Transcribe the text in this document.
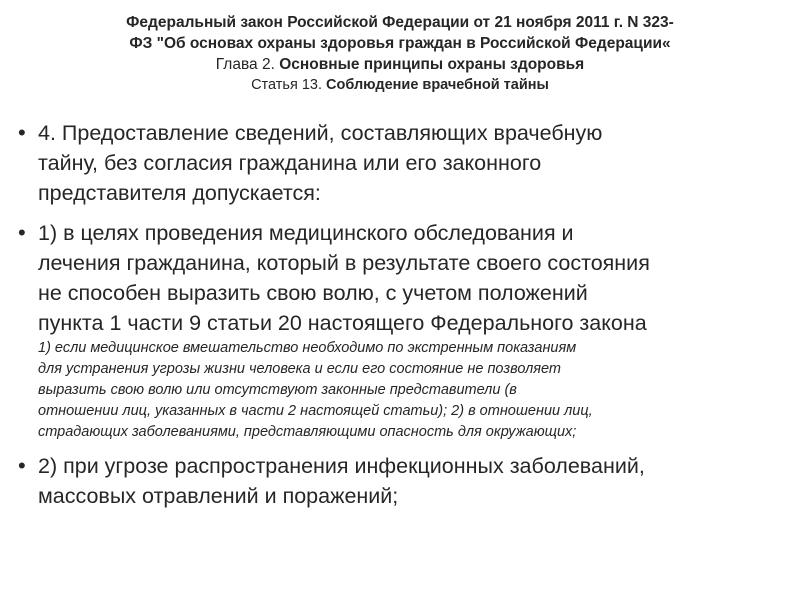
Федеральный закон Российской Федерации от 21 ноября 2011 г. N 323-
ФЗ "Об основах охраны здоровья граждан в Российской Федерации«
Глава 2. Основные принципы охраны здоровья
Статья 13. Соблюдение врачебной тайны
• 4. Предоставление сведений, составляющих врачебную
тайну, без согласия гражданина или его законного
представителя допускается:
• 1) в целях проведения медицинского обследования и
лечения гражданина, который в результате своего состояния
не способен выразить свою волю, с учетом положений
пункта 1 части 9 статьи 20 настоящего Федерального закона
1) если медицинское вмешательство необходимо по экстренным показаниям
для устранения угрозы жизни человека и если его состояние не позволяет
выразить свою волю или отсутствуют законные представители (в
отношении лиц, указанных в части 2 настоящей статьи); 2) в отношении лиц,
страдающих заболеваниями, представляющими опасность для окружающих;
• 2) при угрозе распространения инфекционных заболеваний,
массовых отравлений и поражений;
